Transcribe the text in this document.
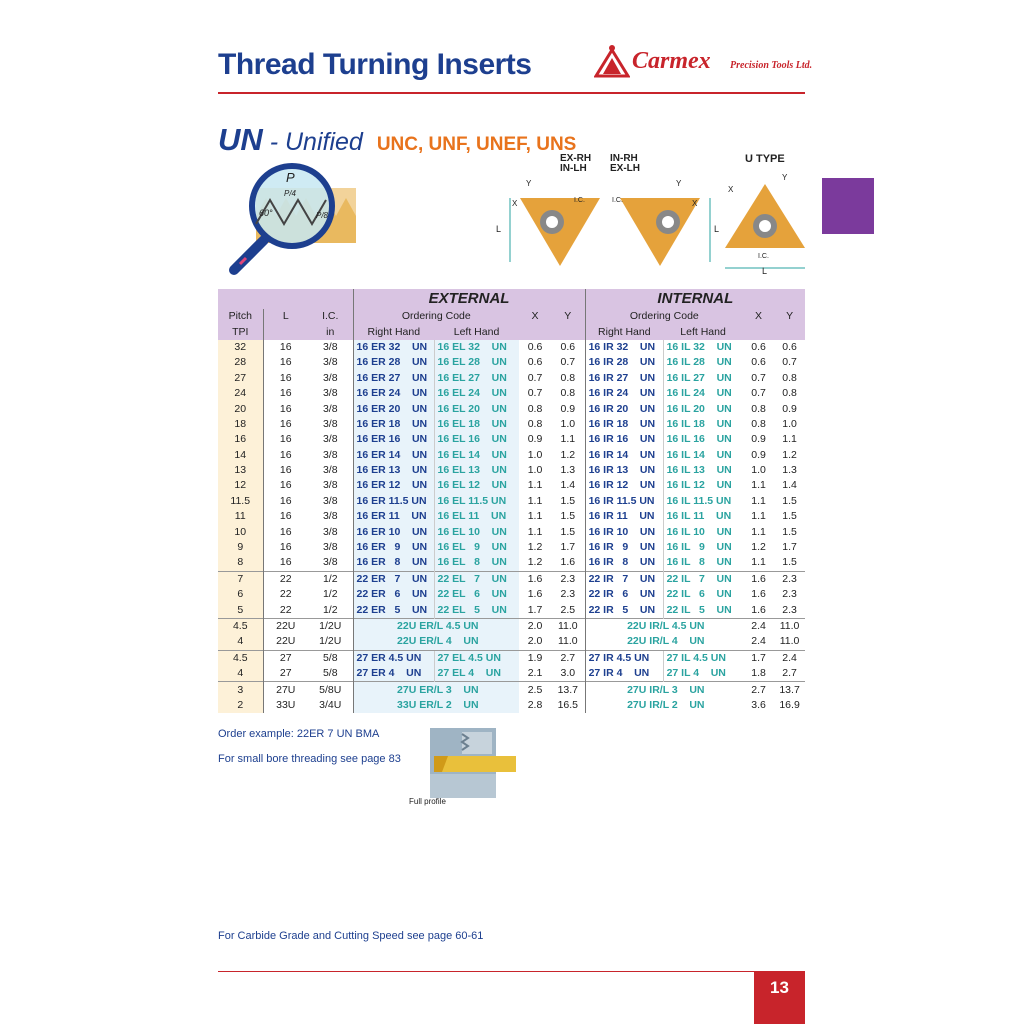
Thread Turning Inserts	Carmex Precision Tools Ltd.
UN - Unified UNC, UNF, UNEF, UNS
P
P/4
P/8
60°
EX-RH
IN-LH
IN-RH
EX-LH
U TYPE
L
X
Y
I.C.
L
X
Y
I.C.
L
I.C.
X
Y
			EXTERNAL				INTERNAL			
Pitch	L	I.C.	Ordering Code		X	Y	Ordering Code		X	Y
TPI		in	Right Hand	Left Hand			Right Hand	Left Hand		
32	16	3/8	16 ER 32    UN	16 EL 32    UN	0.6	0.6	16 IR 32    UN	16 IL 32    UN	0.6	0.6
28	16	3/8	16 ER 28    UN	16 EL 28    UN	0.6	0.7	16 IR 28    UN	16 IL 28    UN	0.6	0.7
27	16	3/8	16 ER 27    UN	16 EL 27    UN	0.7	0.8	16 IR 27    UN	16 IL 27    UN	0.7	0.8
24	16	3/8	16 ER 24    UN	16 EL 24    UN	0.7	0.8	16 IR 24    UN	16 IL 24    UN	0.7	0.8
20	16	3/8	16 ER 20    UN	16 EL 20    UN	0.8	0.9	16 IR 20    UN	16 IL 20    UN	0.8	0.9
18	16	3/8	16 ER 18    UN	16 EL 18    UN	0.8	1.0	16 IR 18    UN	16 IL 18    UN	0.8	1.0
16	16	3/8	16 ER 16    UN	16 EL 16    UN	0.9	1.1	16 IR 16    UN	16 IL 16    UN	0.9	1.1
14	16	3/8	16 ER 14    UN	16 EL 14    UN	1.0	1.2	16 IR 14    UN	16 IL 14    UN	0.9	1.2
13	16	3/8	16 ER 13    UN	16 EL 13    UN	1.0	1.3	16 IR 13    UN	16 IL 13    UN	1.0	1.3
12	16	3/8	16 ER 12    UN	16 EL 12    UN	1.1	1.4	16 IR 12    UN	16 IL 12    UN	1.1	1.4
11.5	16	3/8	16 ER 11.5 UN	16 EL 11.5 UN	1.1	1.5	16 IR 11.5 UN	16 IL 11.5 UN	1.1	1.5
11	16	3/8	16 ER 11    UN	16 EL 11    UN	1.1	1.5	16 IR 11    UN	16 IL 11    UN	1.1	1.5
10	16	3/8	16 ER 10    UN	16 EL 10    UN	1.1	1.5	16 IR 10    UN	16 IL 10    UN	1.1	1.5
9	16	3/8	16 ER   9    UN	16 EL   9    UN	1.2	1.7	16 IR   9    UN	16 IL   9    UN	1.2	1.7
8	16	3/8	16 ER   8    UN	16 EL   8    UN	1.2	1.6	16 IR   8    UN	16 IL   8    UN	1.1	1.5
7	22	1/2	22 ER   7    UN	22 EL   7    UN	1.6	2.3	22 IR   7    UN	22 IL   7    UN	1.6	2.3
6	22	1/2	22 ER   6    UN	22 EL   6    UN	1.6	2.3	22 IR   6    UN	22 IL   6    UN	1.6	2.3
5	22	1/2	22 ER   5    UN	22 EL   5    UN	1.7	2.5	22 IR   5    UN	22 IL   5    UN	1.6	2.3
4.5	22U	1/2U	22U ER/L 4.5 UN		2.0	11.0	22U IR/L 4.5 UN		2.4	11.0
4	22U	1/2U	22U ER/L 4    UN		2.0	11.0	22U IR/L 4    UN		2.4	11.0
4.5	27	5/8	27 ER 4.5 UN	27 EL 4.5 UN	1.9	2.7	27 IR 4.5 UN	27 IL 4.5 UN	1.7	2.4
4	27	5/8	27 ER 4    UN	27 EL 4    UN	2.1	3.0	27 IR 4    UN	27 IL 4    UN	1.8	2.7
3	27U	5/8U	27U ER/L 3    UN		2.5	13.7	27U IR/L 3    UN		2.7	13.7
2	33U	3/4U	33U ER/L 2    UN		2.8	16.5	27U IR/L 2    UN		3.6	16.9
Order example: 22ER 7 UN BMA
For small bore threading see page 83
Full profile
For Carbide Grade and Cutting Speed see page 60-61
13
